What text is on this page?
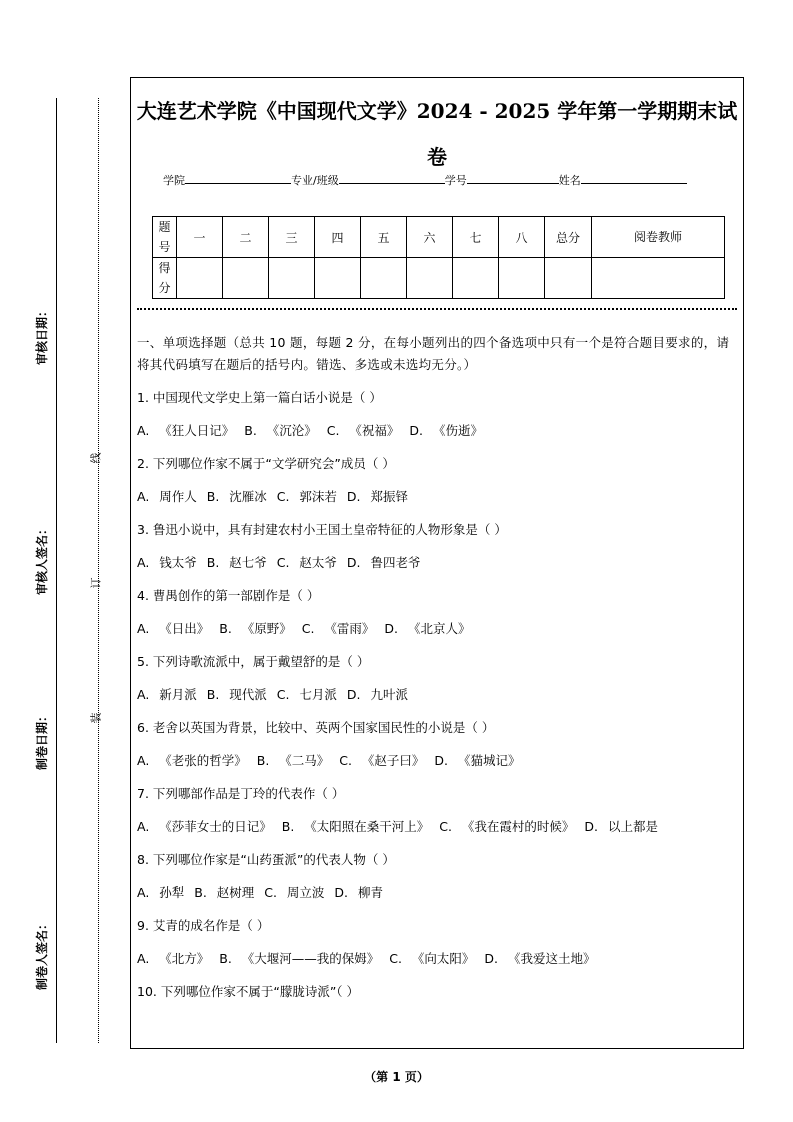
审核日期：
审核人签名：
制卷日期：
制卷人签名：
线
订
装
大连艺术学院《中国现代文学》2024 - 2025 学年第一学期期末试卷
学院	专业/班级	学号	姓名
题号	一	二	三	四	五	六	七	八	总分	阅卷教师
得分										

一、单项选择题（总共 10 题，每题 2 分，在每小题列出的四个备选项中只有一个是符合题目要求的，请将其代码填写在题后的括号内。错选、多选或未选均无分。）

1. 中国现代文学史上第一篇白话小说是（ ）

A. 《狂人日记》 B. 《沉沦》 C. 《祝福》 D. 《伤逝》

2. 下列哪位作家不属于“文学研究会”成员（ ）

A. 周作人 B. 沈雁冰 C. 郭沫若 D. 郑振铎

3. 鲁迅小说中，具有封建农村小王国土皇帝特征的人物形象是（ ）

A. 钱太爷 B. 赵七爷 C. 赵太爷 D. 鲁四老爷

4. 曹禺创作的第一部剧作是（ ）

A. 《日出》 B. 《原野》 C. 《雷雨》 D. 《北京人》

5. 下列诗歌流派中，属于戴望舒的是（ ）

A. 新月派 B. 现代派 C. 七月派 D. 九叶派

6. 老舍以英国为背景，比较中、英两个国家国民性的小说是（ ）

A. 《老张的哲学》 B. 《二马》 C. 《赵子曰》 D. 《猫城记》

7. 下列哪部作品是丁玲的代表作（ ）

A. 《莎菲女士的日记》 B. 《太阳照在桑干河上》 C. 《我在霞村的时候》 D. 以上都是

8. 下列哪位作家是“山药蛋派”的代表人物（ ）

A. 孙犁 B. 赵树理 C. 周立波 D. 柳青

9. 艾青的成名作是（ ）

A. 《北方》 B. 《大堰河——我的保姆》 C. 《向太阳》 D. 《我爱这土地》

10. 下列哪位作家不属于“朦胧诗派”（ ）

（第 1 页）
